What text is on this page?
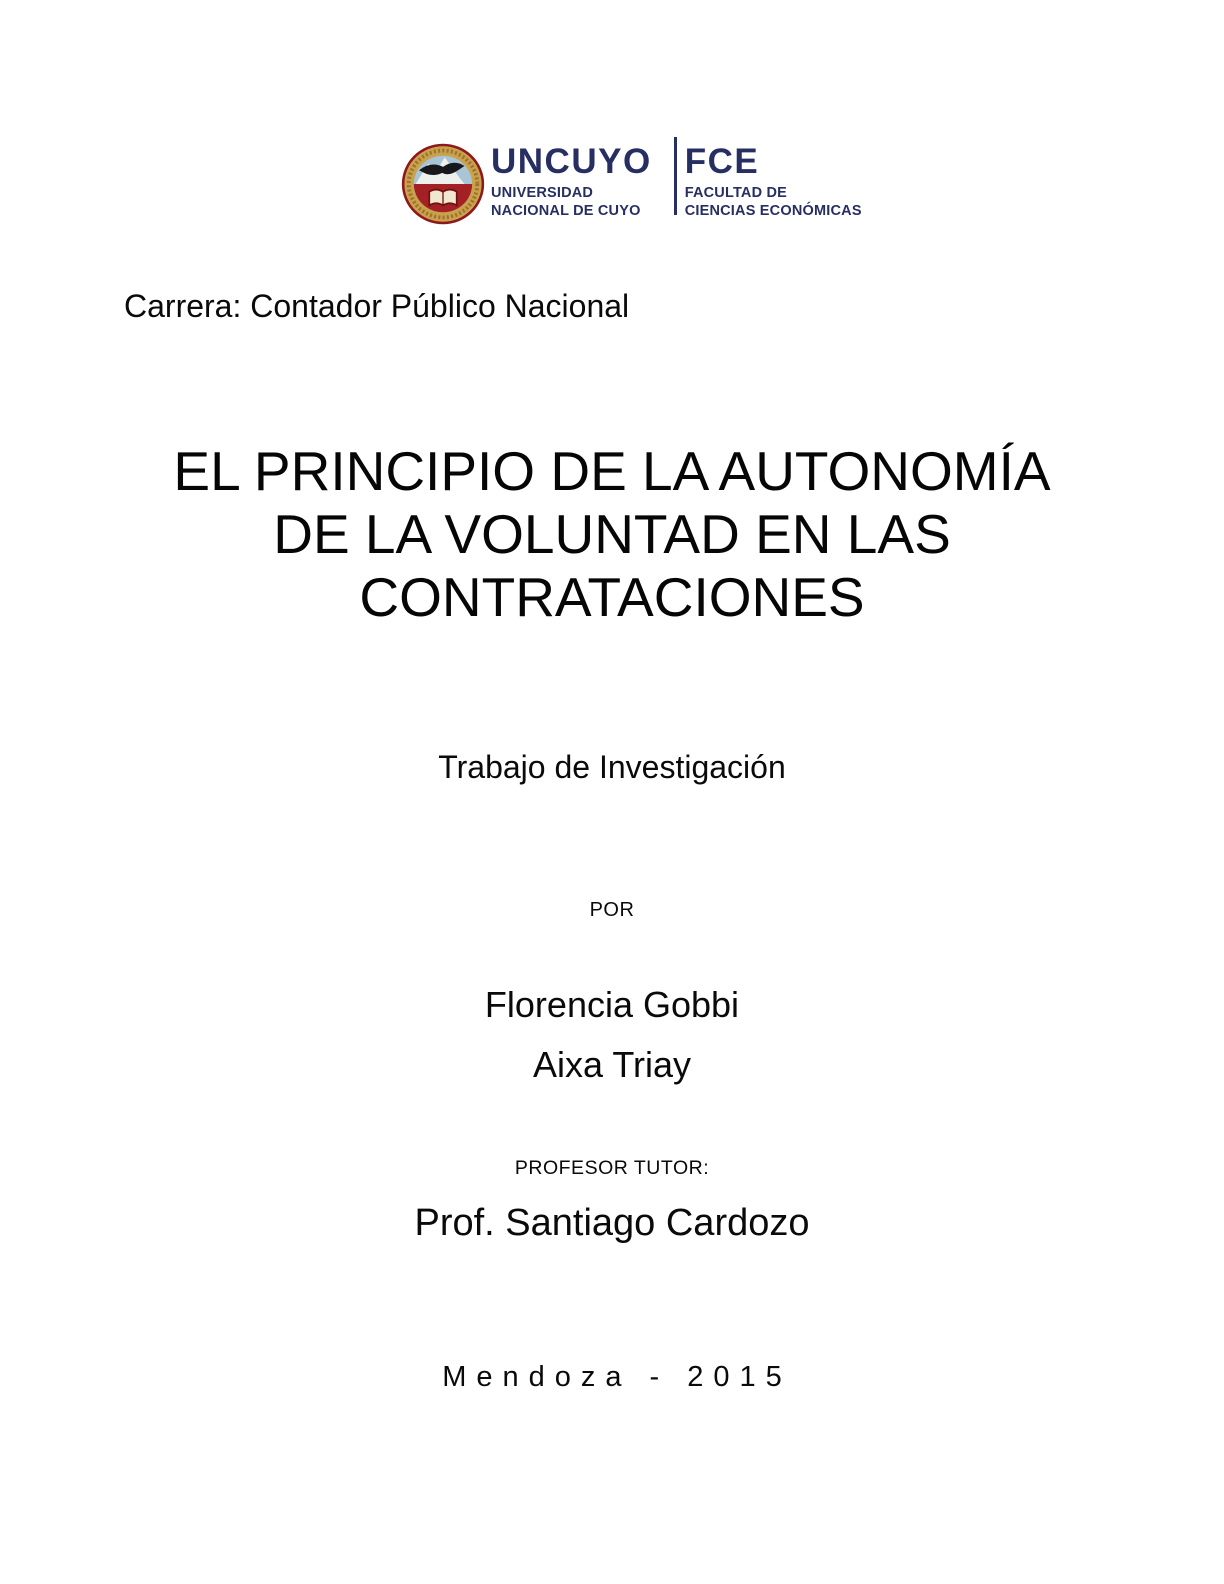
UNCUYO
UNIVERSIDAD
NACIONAL DE CUYO
FCE
FACULTAD DE
CIENCIAS ECONÓMICAS
Carrera: Contador Público Nacional
EL PRINCIPIO DE LA AUTONOMÍA
DE LA VOLUNTAD EN LAS
CONTRATACIONES
Trabajo de Investigación
POR
Florencia Gobbi
Aixa Triay
PROFESOR TUTOR:
Prof. Santiago Cardozo
Mendoza - 2015
